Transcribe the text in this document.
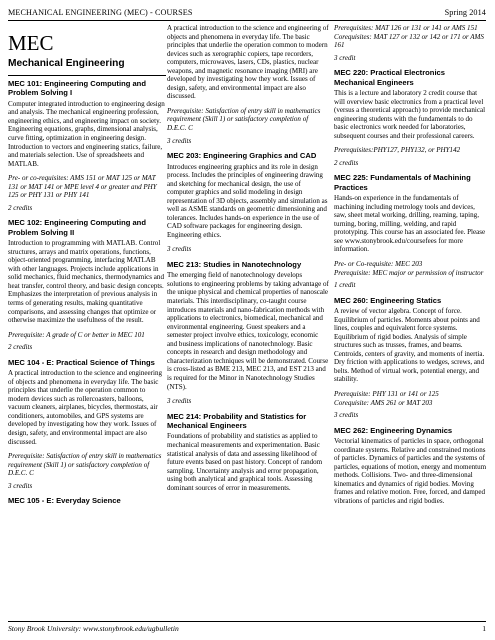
MECHANICAL ENGINEERING (MEC) - COURSES	Spring 2014
MEC
Mechanical Engineering
MEC 101: Engineering Computing and Problem Solving I

Computer integrated introduction to engineering design and analysis. The mechanical engineering profession, engineering ethics, and engineering impact on society. Engineering equations, graphs, dimensional analysis, curve fitting, optimization in engineering design. Introduction to vectors and engineering statics, failure, and materials selection. Use of spreadsheets and MATLAB.

Pre- or co-requisites: AMS 151 or MAT 125 or MAT 131 or MAT 141 or MPE level 4 or greater and PHY 125 or PHY 131 or PHY 141

2 credits

MEC 102: Engineering Computing and Problem Solving II

Introduction to programming with MATLAB. Control structures, arrays and matrix operations, functions, object-oriented programming, interfacing MATLAB with other languages. Projects include applications in solid mechanics, fluid mechanics, thermodynamics and heat transfer, control theory, and basic design concepts. Emphasizes the interpretation of previous analysis in terms of generating results, making quantitative comparisons, and assessing changes that optimize or otherwise maximize the usefulness of the result.

Prerequisite: A grade of C or better in MEC 101

2 credits

MEC 104 - E: Practical Science of Things

A practical introduction to the science and engineering of objects and phenomena in everyday life. The basic principles that underlie the operation common to modern devices such as rollercoasters, balloons, vacuum cleaners, airplanes, bicycles, thermostats, air conditioners, automobiles, and GPS systems are developed by investigating how they work. Issues of design, safety, and environmental impact are also discussed.

Prerequisite: Satisfaction of entry skill in mathematics requirement (Skill 1) or satisfactory completion of D.E.C. C

3 credits

MEC 105 - E: Everyday Science

A practical introduction to the science and engineering of objects and phenomena in everyday life. The basic principles that underlie the operation common to modern devices such as xerographic copiers, tape recorders, computers, microwaves, lasers, CDs, plastics, nuclear weapons, and magnetic resonance imaging (MRI) are developed by investigating how they work. Issues of design, safety, and environmental impact are also discussed.

Prerequisite: Satisfaction of entry skill in mathematics requirement (Skill 1) or satisfactory completion of D.E.C. C

3 credits

MEC 203: Engineering Graphics and CAD

Introduces engineering graphics and its role in design process. Includes the principles of engineering drawing and sketching for mechanical design, the use of computer graphics and solid modeling in design representation of 3D objects, assembly and simulation as well as ASME standards on geometric dimensioning and tolerances. Includes hands-on experience in the use of CAD software packages for engineering design. Engineering ethics.

3 credits

MEC 213: Studies in Nanotechnology

The emerging field of nanotechnology develops solutions to engineering problems by taking advantage of the unique physical and chemical properties of nanoscale materials. This interdisciplinary, co-taught course introduces materials and nano-fabrication methods with applications to electronics, biomedical, mechanical and environmental engineering. Guest speakers and a semester project involve ethics, toxicology, economic and business implications of nanotechnology. Basic concepts in research and design methodology and characterization techniques will be demonstrated. Course is cross-listed as BME 213, MEC 213, and EST 213 and is required for the Minor in Nanotechnology Studies (NTS).

3 credits

MEC 214: Probability and Statistics for Mechanical Engineers

Foundations of probability and statistics as applied to mechanical measurements and experimentation. Basic statistical analysis of data and assessing likelihood of future events based on past history. Concept of random sampling. Uncertainty analysis and error propagation, using both analytical and graphical tools. Assessing dominant sources of error in measurements.

Prerequisites: MAT 126 or 131 or 141 or AMS 151
Corequisites: MAT 127 or 132 or 142 or 171 or AMS 161

3 credit

MEC 220: Practical Electronics Mechanical Engineers

This is a lecture and laboratory 2 credit course that will overview basic electronics from a practical level (versus a theoretical approach) to provide mechanical engineering students with the fundamentals to do basic electronics work needed for laboratories, subsequent courses and their professional careers.

Prerequisites:PHY127, PHY132, or PHY142

2 credits

MEC 225: Fundamentals of Machining Practices

Hands-on experience in the fundamentals of machining including metrology tools and devices, saw, sheet metal working, drilling, reaming, taping, turning, boring, milling, welding, and rapid prototyping. This course has an associated fee. Please see www.stonybrook.edu/coursefees for more information.

Pre- or Co-requisite: MEC 203
Prerequisite: MEC major or permission of instructor

1 credit

MEC 260: Engineering Statics

A review of vector algebra. Concept of force. Equilibrium of particles. Moments about points and lines, couples and equivalent force systems. Equilibrium of rigid bodies. Analysis of simple structures such as trusses, frames, and beams. Centroids, centers of gravity, and moments of inertia. Dry friction with applications to wedges, screws, and belts. Method of virtual work, potential energy, and stability.

Prerequisite: PHY 131 or 141 or 125
Corequisite: AMS 261 or MAT 203

3 credits

MEC 262: Engineering Dynamics

Vectorial kinematics of particles in space, orthogonal coordinate systems. Relative and constrained motions of particles. Dynamics of particles and the systems of particles, equations of motion, energy and momentum methods. Collisions. Two- and three-dimensional kinematics and dynamics of rigid bodies. Moving frames and relative motion. Free, forced, and damped vibrations of particles and rigid bodies.

Stony Brook University: www.stonybrook.edu/ugbulletin	1
